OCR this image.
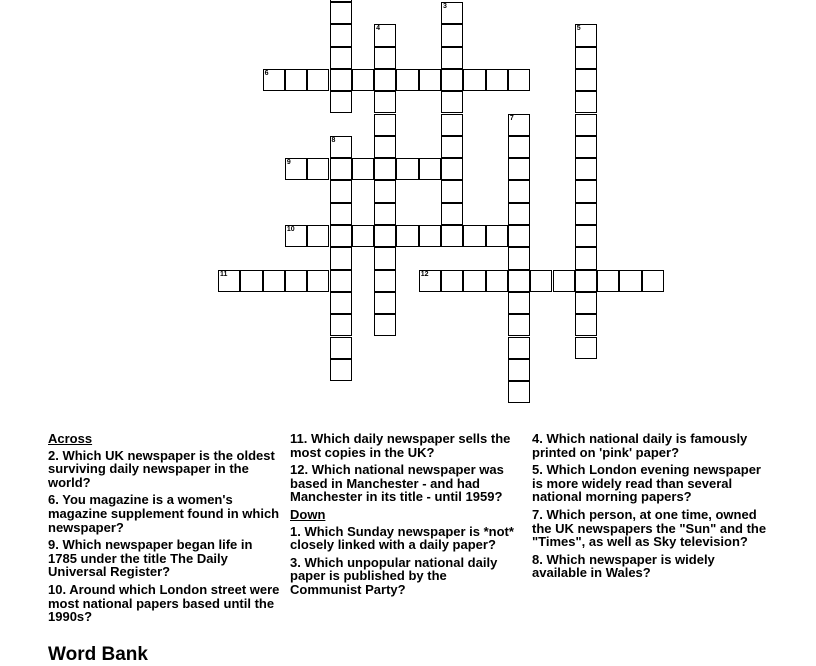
6
9
10
11	12
4
3
5
7
8
Across
2. Which UK newspaper is the oldest surviving daily newspaper in the world?
6. You magazine is a women's magazine supplement found in which newspaper?
9. Which newspaper began life in 1785 under the title The Daily Universal Register?
10. Around which London street were most national papers based until the 1990s?
11. Which daily newspaper sells the most copies in the UK?
12. Which national newspaper was based in Manchester - and had Manchester in its title - until 1959?
Down
1. Which Sunday newspaper is *not* closely linked with a daily paper?
3. Which unpopular national daily paper is published by the Communist Party?
4. Which national daily is famously printed on 'pink' paper?
5. Which London evening newspaper is more widely read than several national morning papers?
7. Which person, at one time, owned the UK newspapers the "Sun" and the "Times", as well as Sky television?
8. Which newspaper is widely available in Wales?
Word Bank
